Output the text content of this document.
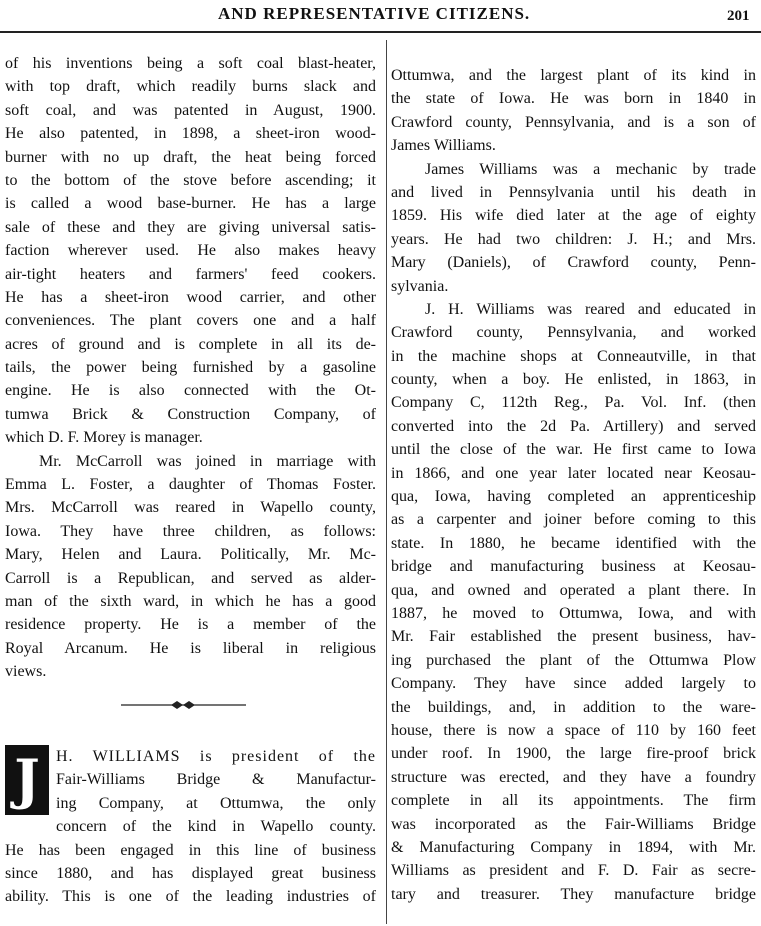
AND REPRESENTATIVE CITIZENS.	201
of his inventions being a soft coal blast-heater,
with top draft, which readily burns slack and
soft coal, and was patented in August, 1900.
He also patented, in 1898, a sheet-iron wood-
burner with no up draft, the heat being forced
to the bottom of the stove before ascending; it
is called a wood base-burner. He has a large
sale of these and they are giving universal satis-
faction wherever used. He also makes heavy
air-tight heaters and farmers' feed cookers.
He has a sheet-iron wood carrier, and other
conveniences. The plant covers one and a half
acres of ground and is complete in all its de-
tails, the power being furnished by a gasoline
engine. He is also connected with the Ot-
tumwa Brick & Construction Company, of
which D. F. Morey is manager.
Mr. McCarroll was joined in marriage with
Emma L. Foster, a daughter of Thomas Foster.
Mrs. McCarroll was reared in Wapello county,
Iowa. They have three children, as follows:
Mary, Helen and Laura. Politically, Mr. Mc-
Carroll is a Republican, and served as alder-
man of the sixth ward, in which he has a good
residence property. He is a member of the
Royal Arcanum. He is liberal in religious
views.
J	H. WILLIAMS is president of the
Fair-Williams Bridge & Manufactur-
ing Company, at Ottumwa, the only
concern of the kind in Wapello county.
He has been engaged in this line of business
since 1880, and has displayed great business
ability. This is one of the leading industries of
Ottumwa, and the largest plant of its kind in
the state of Iowa. He was born in 1840 in
Crawford county, Pennsylvania, and is a son of
James Williams.
James Williams was a mechanic by trade
and lived in Pennsylvania until his death in
1859. His wife died later at the age of eighty
years. He had two children: J. H.; and Mrs.
Mary (Daniels), of Crawford county, Penn-
sylvania.
J. H. Williams was reared and educated in
Crawford county, Pennsylvania, and worked
in the machine shops at Conneautville, in that
county, when a boy. He enlisted, in 1863, in
Company C, 112th Reg., Pa. Vol. Inf. (then
converted into the 2d Pa. Artillery) and served
until the close of the war. He first came to Iowa
in 1866, and one year later located near Keosau-
qua, Iowa, having completed an apprenticeship
as a carpenter and joiner before coming to this
state. In 1880, he became identified with the
bridge and manufacturing business at Keosau-
qua, and owned and operated a plant there. In
1887, he moved to Ottumwa, Iowa, and with
Mr. Fair established the present business, hav-
ing purchased the plant of the Ottumwa Plow
Company. They have since added largely to
the buildings, and, in addition to the ware-
house, there is now a space of 110 by 160 feet
under roof. In 1900, the large fire-proof brick
structure was erected, and they have a foundry
complete in all its appointments. The firm
was incorporated as the Fair-Williams Bridge
& Manufacturing Company in 1894, with Mr.
Williams as president and F. D. Fair as secre-
tary and treasurer. They manufacture bridge
